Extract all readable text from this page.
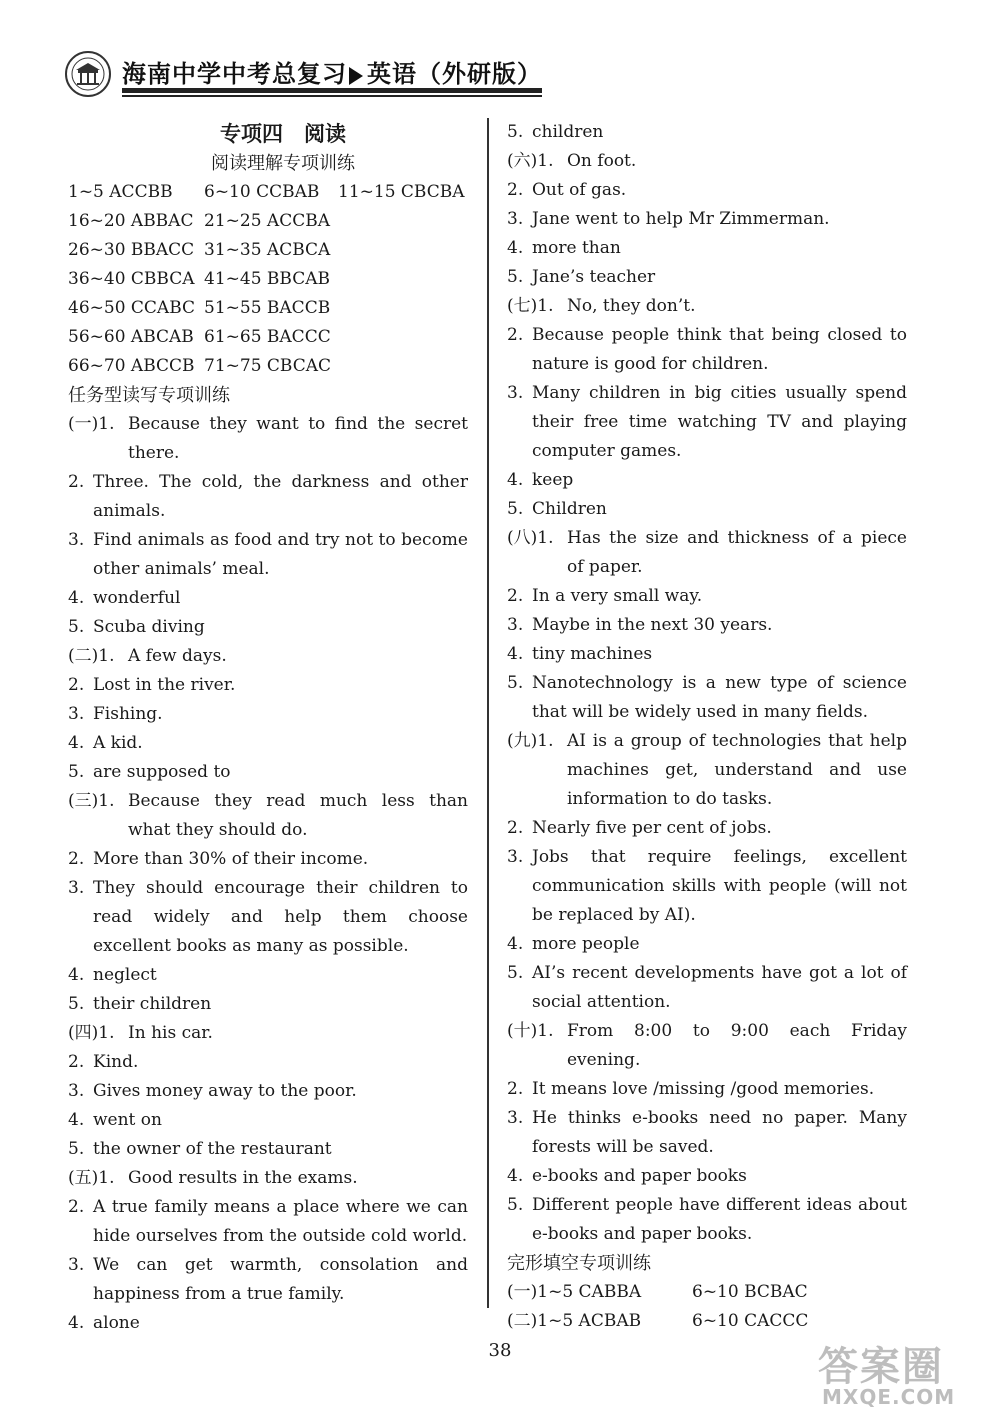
海南中学中考总复习 英语（外研版）
专项四　阅读
阅读理解专项训练
1~5 ACCBB	6~10 CCBAB	11~15 CBCBA
16~20 ABBAC 21~25 ACCBA
26~30 BBACC 31~35 ACBCA
36~40 CBBCA 41~45 BBCAB
46~50 CCABC 51~55 BACCB
56~60 ABCAB 61~65 BACCC
66~70 ABCCB 71~75 CBCAC
任务型读写专项训练
(一)1. Because they want to find the secret there.
2. Three. The cold, the darkness and other animals.
3. Find animals as food and try not to become other animals’ meal.
4. wonderful
5. Scuba diving
(二)1. A few days.
2. Lost in the river.
3. Fishing.
4. A kid.
5. are supposed to
(三)1. Because they read much less than what they should do.
2. More than 30% of their income.
3. They should encourage their children to read widely and help them choose excellent books as many as possible.
4. neglect
5. their children
(四)1. In his car.
2. Kind.
3. Gives money away to the poor.
4. went on
5. the owner of the restaurant
(五)1. Good results in the exams.
2. A true family means a place where we can hide ourselves from the outside cold world.
3. We can get warmth, consolation and happiness from a true family.
4. alone
5. children
(六)1. On foot.
2. Out of gas.
3. Jane went to help Mr Zimmerman.
4. more than
5. Jane’s teacher
(七)1. No, they don’t.
2. Because people think that being closed to nature is good for children.
3. Many children in big cities usually spend their free time watching TV and playing computer games.
4. keep
5. Children
(八)1. Has the size and thickness of a piece of paper.
2. In a very small way.
3. Maybe in the next 30 years.
4. tiny machines
5. Nanotechnology is a new type of science that will be widely used in many fields.
(九)1. AI is a group of technologies that help machines get, understand and use information to do tasks.
2. Nearly five per cent of jobs.
3. Jobs that require feelings, excellent communication skills with people (will not be replaced by AI).
4. more people
5. AI’s recent developments have got a lot of social attention.
(十)1. From 8:00 to 9:00 each Friday evening.
2. It means love /missing /good memories.
3. He thinks e-books need no paper. Many forests will be saved.
4. e-books and paper books
5. Different people have different ideas about e-books and paper books.
完形填空专项训练
(一)1~5 CABBA	6~10 BCBAC
(二)1~5 ACBAB	6~10 CACCC
38	答案圈
MXQE.COM
